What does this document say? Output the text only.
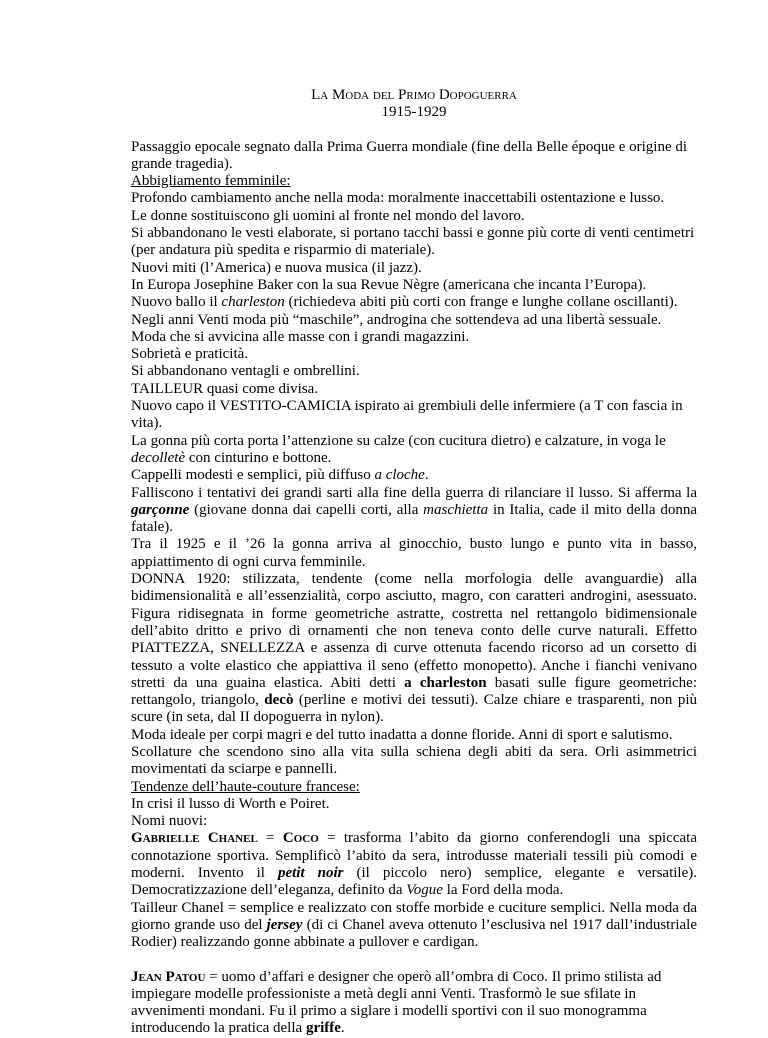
La Moda del Primo Dopoguerra
1915-1929
Passaggio epocale segnato dalla Prima Guerra mondiale (fine della Belle époque e origine di grande tragedia).
Abbigliamento femminile:
Profondo cambiamento anche nella moda: moralmente inaccettabili ostentazione e lusso.
Le donne sostituiscono gli uomini al fronte nel mondo del lavoro.
Si abbandonano le vesti elaborate, si portano tacchi bassi e gonne più corte di venti centimetri (per andatura più spedita e risparmio di materiale).
Nuovi miti (l’America) e nuova musica (il jazz).
In Europa Josephine Baker con la sua Revue Nègre (americana che incanta l’Europa).
Nuovo ballo il charleston (richiedeva abiti più corti con frange e lunghe collane oscillanti).
Negli anni Venti moda più “maschile”, androgina che sottendeva ad una libertà sessuale.
Moda che si avvicina alle masse con i grandi magazzini.
Sobrietà e praticità.
Si abbandonano ventagli e ombrellini.
TAILLEUR quasi come divisa.
Nuovo capo il VESTITO-CAMICIA ispirato ai grembiuli delle infermiere (a T con fascia in vita).
La gonna più corta porta l’attenzione su calze (con cucitura dietro) e calzature, in voga le decolletè con cinturino e bottone.
Cappelli modesti e semplici, più diffuso a cloche.
Falliscono i tentativi dei grandi sarti alla fine della guerra di rilanciare il lusso. Si afferma la garçonne (giovane donna dai capelli corti, alla maschietta in Italia, cade il mito della donna fatale).
Tra il 1925 e il ’26 la gonna arriva al ginocchio, busto lungo e punto vita in basso, appiattimento di ogni curva femminile.
DONNA 1920: stilizzata, tendente (come nella morfologia delle avanguardie) alla bidimensionalità e all’essenzialità, corpo asciutto, magro, con caratteri androgini, asessuato. Figura ridisegnata in forme geometriche astratte, costretta nel rettangolo bidimensionale dell’abito dritto e privo di ornamenti che non teneva conto delle curve naturali. Effetto PIATTEZZA, SNELLEZZA e assenza di curve ottenuta facendo ricorso ad un corsetto di tessuto a volte elastico che appiattiva il seno (effetto monopetto). Anche i fianchi venivano stretti da una guaina elastica. Abiti detti a charleston basati sulle figure geometriche: rettangolo, triangolo, decò (perline e motivi dei tessuti). Calze chiare e trasparenti, non più scure (in seta, dal II dopoguerra in nylon).
Moda ideale per corpi magri e del tutto inadatta a donne floride. Anni di sport e salutismo.
Scollature che scendono sino alla vita sulla schiena degli abiti da sera. Orli asimmetrici movimentati da sciarpe e pannelli.
Tendenze dell’haute-couture francese:
In crisi il lusso di Worth e Poiret.
Nomi nuovi:
Gabrielle Chanel = Coco = trasforma l’abito da giorno conferendogli una spiccata connotazione sportiva. Semplificò l’abito da sera, introdusse materiali tessili più comodi e moderni. Invento il petit noir (il piccolo nero) semplice, elegante e versatile). Democratizzazione dell’eleganza, definito da Vogue la Ford della moda.
Tailleur Chanel = semplice e realizzato con stoffe morbide e cuciture semplici. Nella moda da giorno grande uso del jersey (di ci Chanel aveva ottenuto l’esclusiva nel 1917 dall’industriale Rodier) realizzando gonne abbinate a pullover e cardigan.
Jean Patou = uomo d’affari e designer che operò all’ombra di Coco. Il primo stilista ad impiegare modelle professioniste a metà degli anni Venti. Trasformò le sue sfilate in avvenimenti mondani. Fu il primo a siglare i modelli sportivi con il suo monogramma introducendo la pratica della griffe.
